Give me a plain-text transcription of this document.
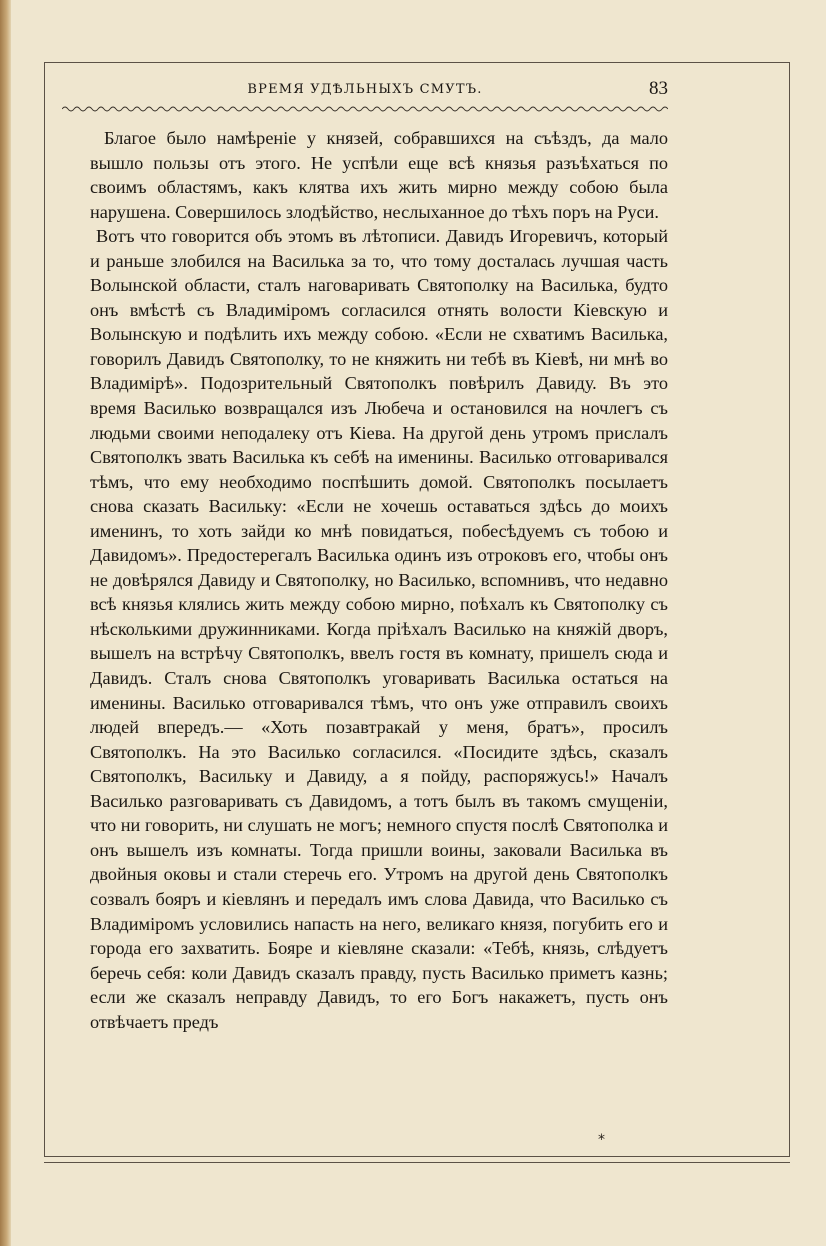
ВРЕМЯ УДѢЛЬНЫХЪ СМУТЪ.	83

Благое было намѣреніе у князей, собравшихся на съѣздъ, да мало вышло пользы отъ этого. Не успѣли еще всѣ князья разъѣхаться по своимъ областямъ, какъ клятва ихъ жить мирно между собою была нарушена. Совершилось злодѣйство, неслыханное до тѣхъ поръ на Руси.

Вотъ что говорится объ этомъ въ лѣтописи. Давидъ Игоревичъ, который и раньше злобился на Василька за то, что тому досталась лучшая часть Волынской области, сталъ наговаривать Святополку на Василька, будто онъ вмѣстѣ съ Владиміромъ согласился отнять волости Кіевскую и Волынскую и подѣлить ихъ между собою. «Если не схватимъ Василька, говорилъ Давидъ Святополку, то не княжить ни тебѣ въ Кіевѣ, ни мнѣ во Владимірѣ». Подозрительный Святополкъ повѣрилъ Давиду. Въ это время Василько возвращался изъ Любеча и остановился на ночлегъ съ людьми своими неподалеку отъ Кіева. На другой день утромъ прислалъ Святополкъ звать Василька къ себѣ на именины. Василько отговаривался тѣмъ, что ему необходимо поспѣшить домой. Святополкъ посылаетъ снова сказать Васильку: «Если не хочешь оставаться здѣсь до моихъ именинъ, то хоть зайди ко мнѣ повидаться, побесѣдуемъ съ тобою и Давидомъ». Предостерегалъ Василька одинъ изъ отроковъ его, чтобы онъ не довѣрялся Давиду и Святополку, но Василько, вспомнивъ, что недавно всѣ князья клялись жить между собою мирно, поѣхалъ къ Святополку съ нѣсколькими дружинниками. Когда пріѣхалъ Василько на княжій дворъ, вышелъ на встрѣчу Святополкъ, ввелъ гостя въ комнату, пришелъ сюда и Давидъ. Сталъ снова Святополкъ уговаривать Василька остаться на именины. Василько отговаривался тѣмъ, что онъ уже отправилъ своихъ людей впередъ.— «Хоть позавтракай у меня, братъ», просилъ Святополкъ. На это Василько согласился. «Посидите здѣсь, сказалъ Святополкъ, Васильку и Давиду, а я пойду, распоряжусь!» Началъ Василько разговаривать съ Давидомъ, а тотъ былъ въ такомъ смущеніи, что ни говорить, ни слушать не могъ; немного спустя послѣ Святополка и онъ вышелъ изъ комнаты. Тогда пришли воины, заковали Василька въ двойныя оковы и стали стеречь его. Утромъ на другой день Святополкъ созвалъ бояръ и кіевлянъ и передалъ имъ слова Давида, что Василько съ Владиміромъ условились напасть на него, великаго князя, погубить его и города его захватить. Бояре и кіевляне сказали: «Тебѣ, князь, слѣдуетъ беречь себя: коли Давидъ сказалъ правду, пусть Василько приметъ казнь; если же сказалъ неправду Давидъ, то его Богъ накажетъ, пусть онъ отвѣчаетъ предъ

*
